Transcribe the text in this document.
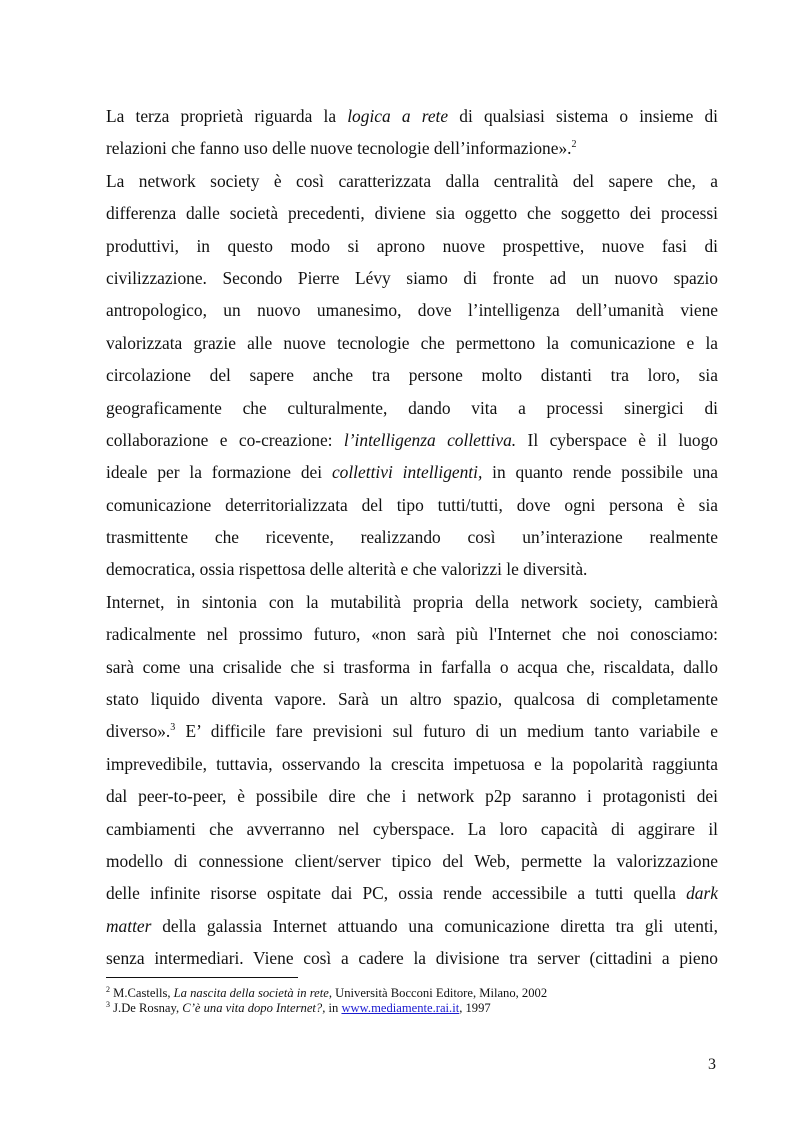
La terza proprietà riguarda la logica a rete di qualsiasi sistema o insieme di
relazioni che fanno uso delle nuove tecnologie dell’informazione».$^2$
La network society è così caratterizzata dalla centralità del sapere che, a
differenza dalle società precedenti, diviene sia oggetto che soggetto dei processi
produttivi, in questo modo si aprono nuove prospettive, nuove fasi di
civilizzazione. Secondo Pierre Lévy siamo di fronte ad un nuovo spazio
antropologico, un nuovo umanesimo, dove l’intelligenza dell’umanità viene
valorizzata grazie alle nuove tecnologie che permettono la comunicazione e la
circolazione del sapere anche tra persone molto distanti tra loro, sia
geograficamente che culturalmente, dando vita a processi sinergici di
collaborazione e co-creazione: l’intelligenza collettiva. Il cyberspace è il luogo
ideale per la formazione dei collettivi intelligenti, in quanto rende possibile una
comunicazione deterritorializzata del tipo tutti/tutti, dove ogni persona è sia
trasmittente che ricevente, realizzando così un’interazione realmente
democratica, ossia rispettosa delle alterità e che valorizzi le diversità.
Internet, in sintonia con la mutabilità propria della network society, cambierà
radicalmente nel prossimo futuro, «non sarà più l'Internet che noi conosciamo:
sarà come una crisalide che si trasforma in farfalla o acqua che, riscaldata, dallo
stato liquido diventa vapore. Sarà un altro spazio, qualcosa di completamente
diverso».$^3$ E’ difficile fare previsioni sul futuro di un medium tanto variabile e
imprevedibile, tuttavia, osservando la crescita impetuosa e la popolarità raggiunta
dal peer-to-peer, è possibile dire che i network p2p saranno i protagonisti dei
cambiamenti che avverranno nel cyberspace. La loro capacità di aggirare il
modello di connessione client/server tipico del Web, permette la valorizzazione
delle infinite risorse ospitate dai PC, ossia rende accessibile a tutti quella dark
matter della galassia Internet attuando una comunicazione diretta tra gli utenti,
senza intermediari. Viene così a cadere la divisione tra server (cittadini a pieno
$^2$ M.Castells, La nascita della società in rete, Università Bocconi Editore, Milano, 2002
$^3$ J.De Rosnay, C’è una vita dopo Internet?, in www.mediamente.rai.it, 1997
3
